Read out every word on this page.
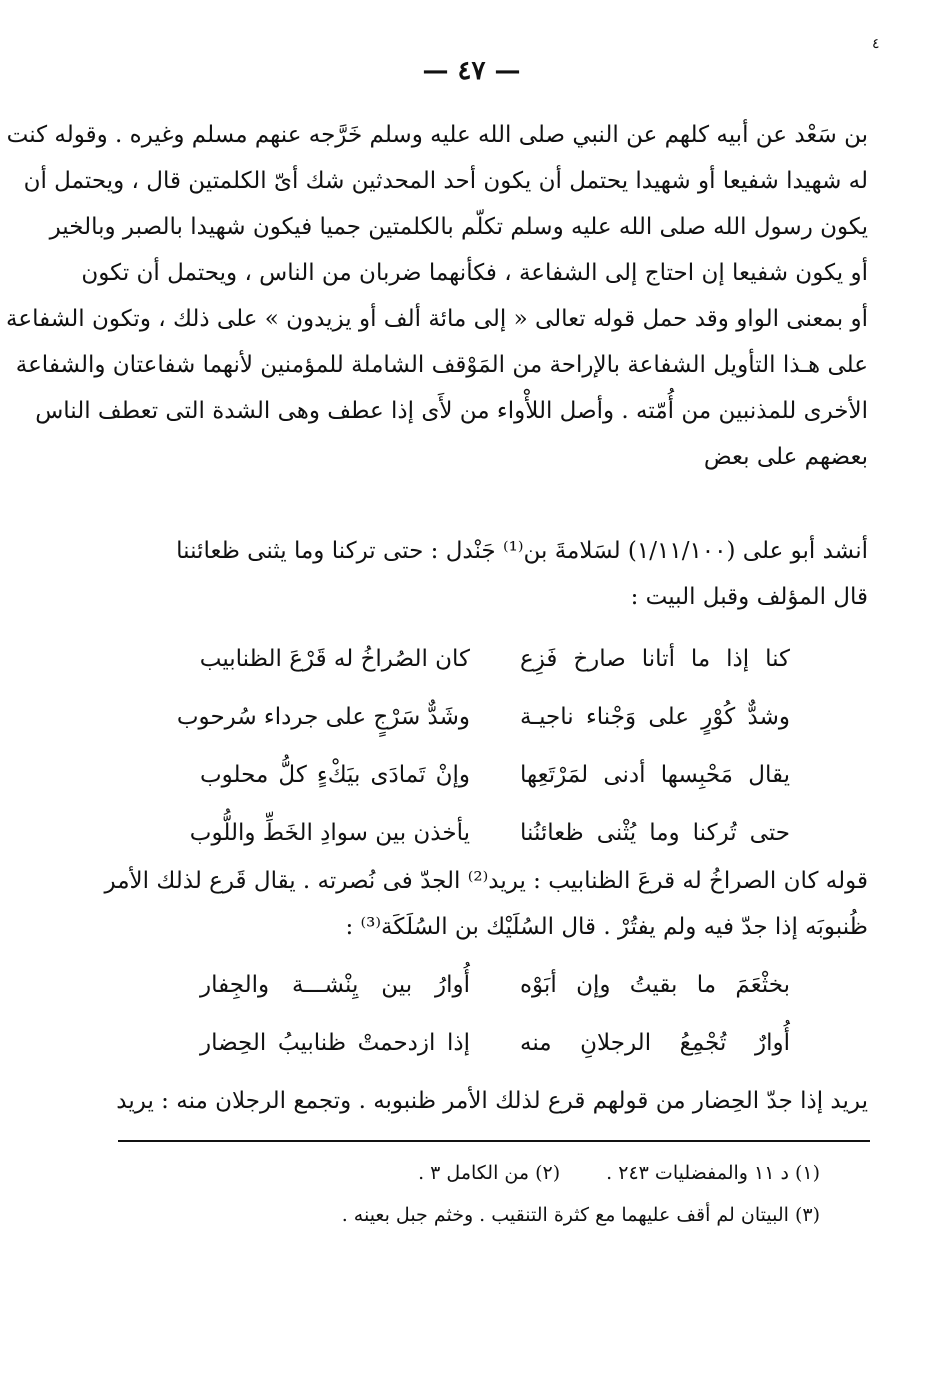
٤
— ٤٧ —
بن سَعْد عن أبيه كلهم عن النبي صلى الله عليه وسلم خَرَّجه عنهم مسلم وغيره . وقوله كنت
له شهيدا شفيعا أو شهيدا يحتمل أن يكون أحد المحدثين شك أىّ الكلمتين قال ، ويحتمل أن
يكون رسول الله صلى الله عليه وسلم تكلّم بالكلمتين جميا فيكون شهيدا بالصبر وبالخير
أو يكون شفيعا إن احتاج إلى الشفاعة ، فكأنهما ضربان من الناس ، ويحتمل أن تكون
أو بمعنى الواو وقد حمل قوله تعالى « إلى مائة ألف أو يزيدون » على ذلك ، وتكون الشفاعة
على هـذا التأويل الشفاعة بالإراحة من المَوْقف الشاملة للمؤمنين لأنهما شفاعتان والشفاعة
الأخرى للمذنبين من أُمّته . وأصل اللأْواء من لأَى إذا عطف وهى الشدة التى تعطف الناس
بعضهم على بعض
أنشد أبو على (١/١١/١٠٠) لسَلامةَ بن⁽¹⁾ جَنْدل : حتى تركنا وما يثنى ظعائننا
قال المؤلف وقبل البيت :
كنا إذا ما أتانا صارخ فَزِع
كان الصُراخُ له قَرْعَ الظنابيب
وشدٌّ كُوْرٍ على وَجْناء ناجيـة
وشَدٌّ سَرْجٍ على جرداء سُرحوب
يقال مَحْبِسها أدنى لمَرْتَعِها
وإنْ تَمادَى بيَكْءٍ كلُّ محلوب
حتى تُركنا وما يُثْنى ظعائنُنا
يأخذن بين سوادِ الخَطِّ واللُّوب
قوله كان الصراخُ له قرعَ الظنابيب : يريد⁽²⁾ الجدّ فى نُصرته . يقال قَرع لذلك الأمر
ظُنبوبَه إذا جدّ فيه ولم يفتُرْ . قال السُلَيْك بن السُلَكَة⁽³⁾ :
بخثْعَمَ ما بقيتُ وإن أبَوْه
أُوارُ بين يِنْشـــة والجِفار
أُوارٌ تُجْمِعُ الرجلانِ منه
إذا ازدحمتْ ظنابيبُ الحِضار
يريد إذا جدّ الحِضار من قولهم قرع لذلك الأمر ظنبوبه . وتجمع الرجلان منه : يريد
(١) د ١١ والمفضليات ٢٤٣ . (٢) من الكامل ٣ .
(٣) البيتان لم أقف عليهما مع كثرة التنقيب . وخثم جبل بعينه .
